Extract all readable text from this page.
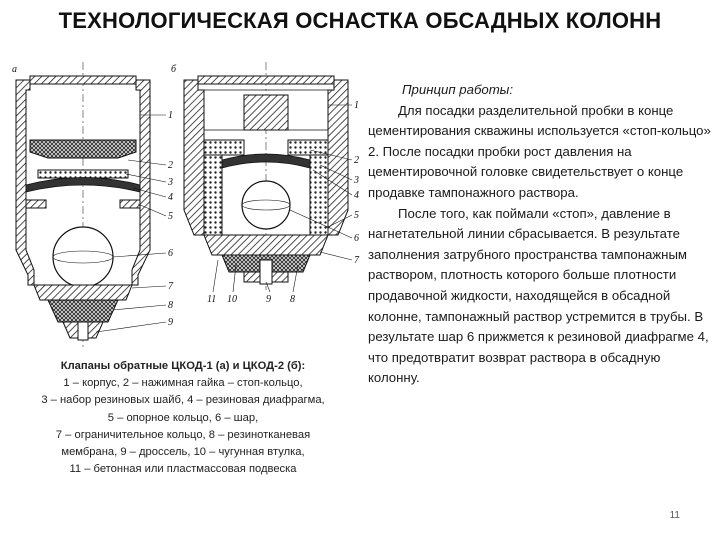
ТЕХНОЛОГИЧЕСКАЯ ОСНАСТКА ОБСАДНЫХ КОЛОНН
а	б
1
2
3
4
5
6
7
8
9
1
2
3
4
5
6
7
11 10	9 8
Клапаны обратные ЦКОД-1 (а) и ЦКОД-2 (б):
1 – корпус, 2 – нажимная гайка – стоп-кольцо,
3 – набор резиновых шайб, 4 – резиновая диафрагма,
5 – опорное кольцо, 6 – шар,
7 – ограничительное кольцо, 8 – резинотканевая
мембрана, 9 – дроссель, 10 – чугунная втулка,
11 – бетонная или пластмассовая подвеска

Принцип работы:

Для посадки разделительной пробки в конце цементирования скважины используется «стоп-кольцо» 2. После посадки пробки рост давления на цементировочной головке свидетельствует о конце продавке тампонажного раствора.

После того, как поймали «стоп», давление в нагнетательной линии сбрасывается. В результате заполнения затрубного пространства тампонажным раствором, плотность которого больше плотности продавочной жидкости, находящейся в обсадной колонне, тампонажный раствор устремится в трубы. В результате шар 6 прижмется к резиновой диафрагме 4, что предотвратит возврат раствора в обсадную колонну.

11
